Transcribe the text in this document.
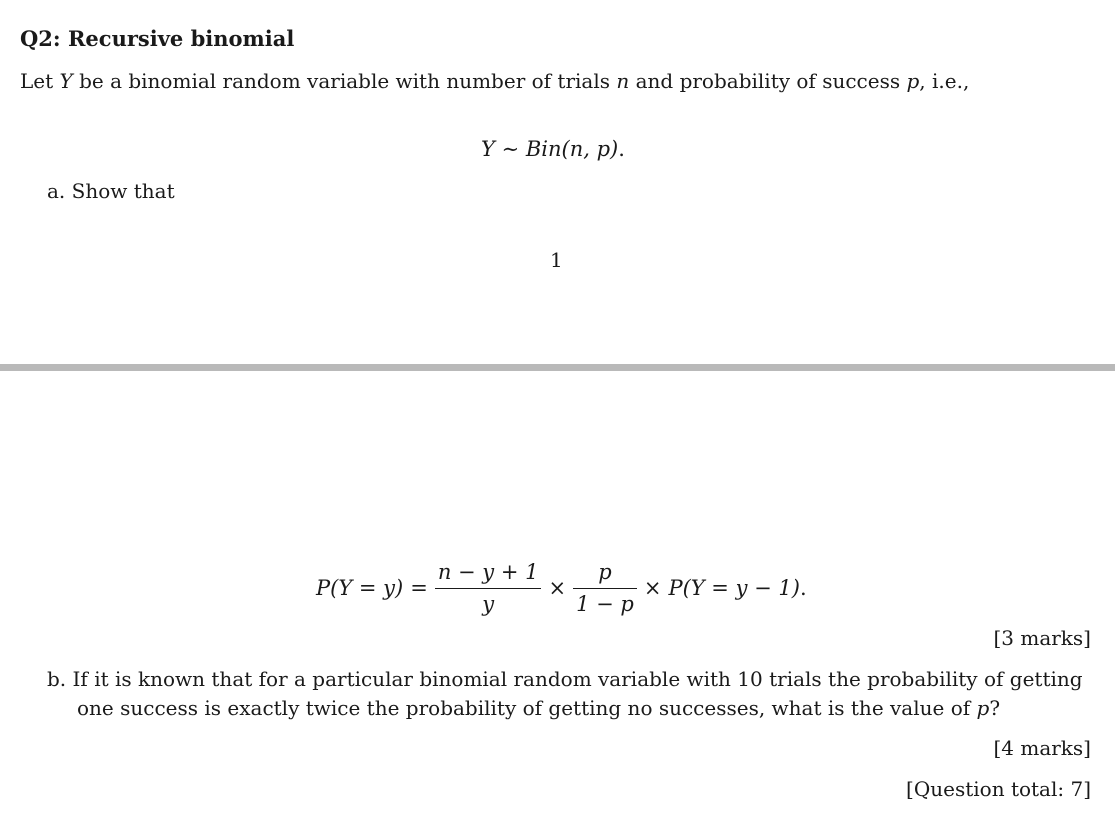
Q2: Recursive binomial
Let Y be a binomial random variable with number of trials n and probability of success p, i.e.,
Y ∼ Bin(n, p).
a. Show that
1
$P(Y = y) = \frac{n - y + 1}{y} \times \frac{p}{1 - p} \times P(Y = y - 1)$ .
[3 marks]
b. If it is known that for a particular binomial random variable with 10 trials the probability of getting
one success is exactly twice the probability of getting no successes, what is the value of p?
[4 marks]
[Question total: 7]
